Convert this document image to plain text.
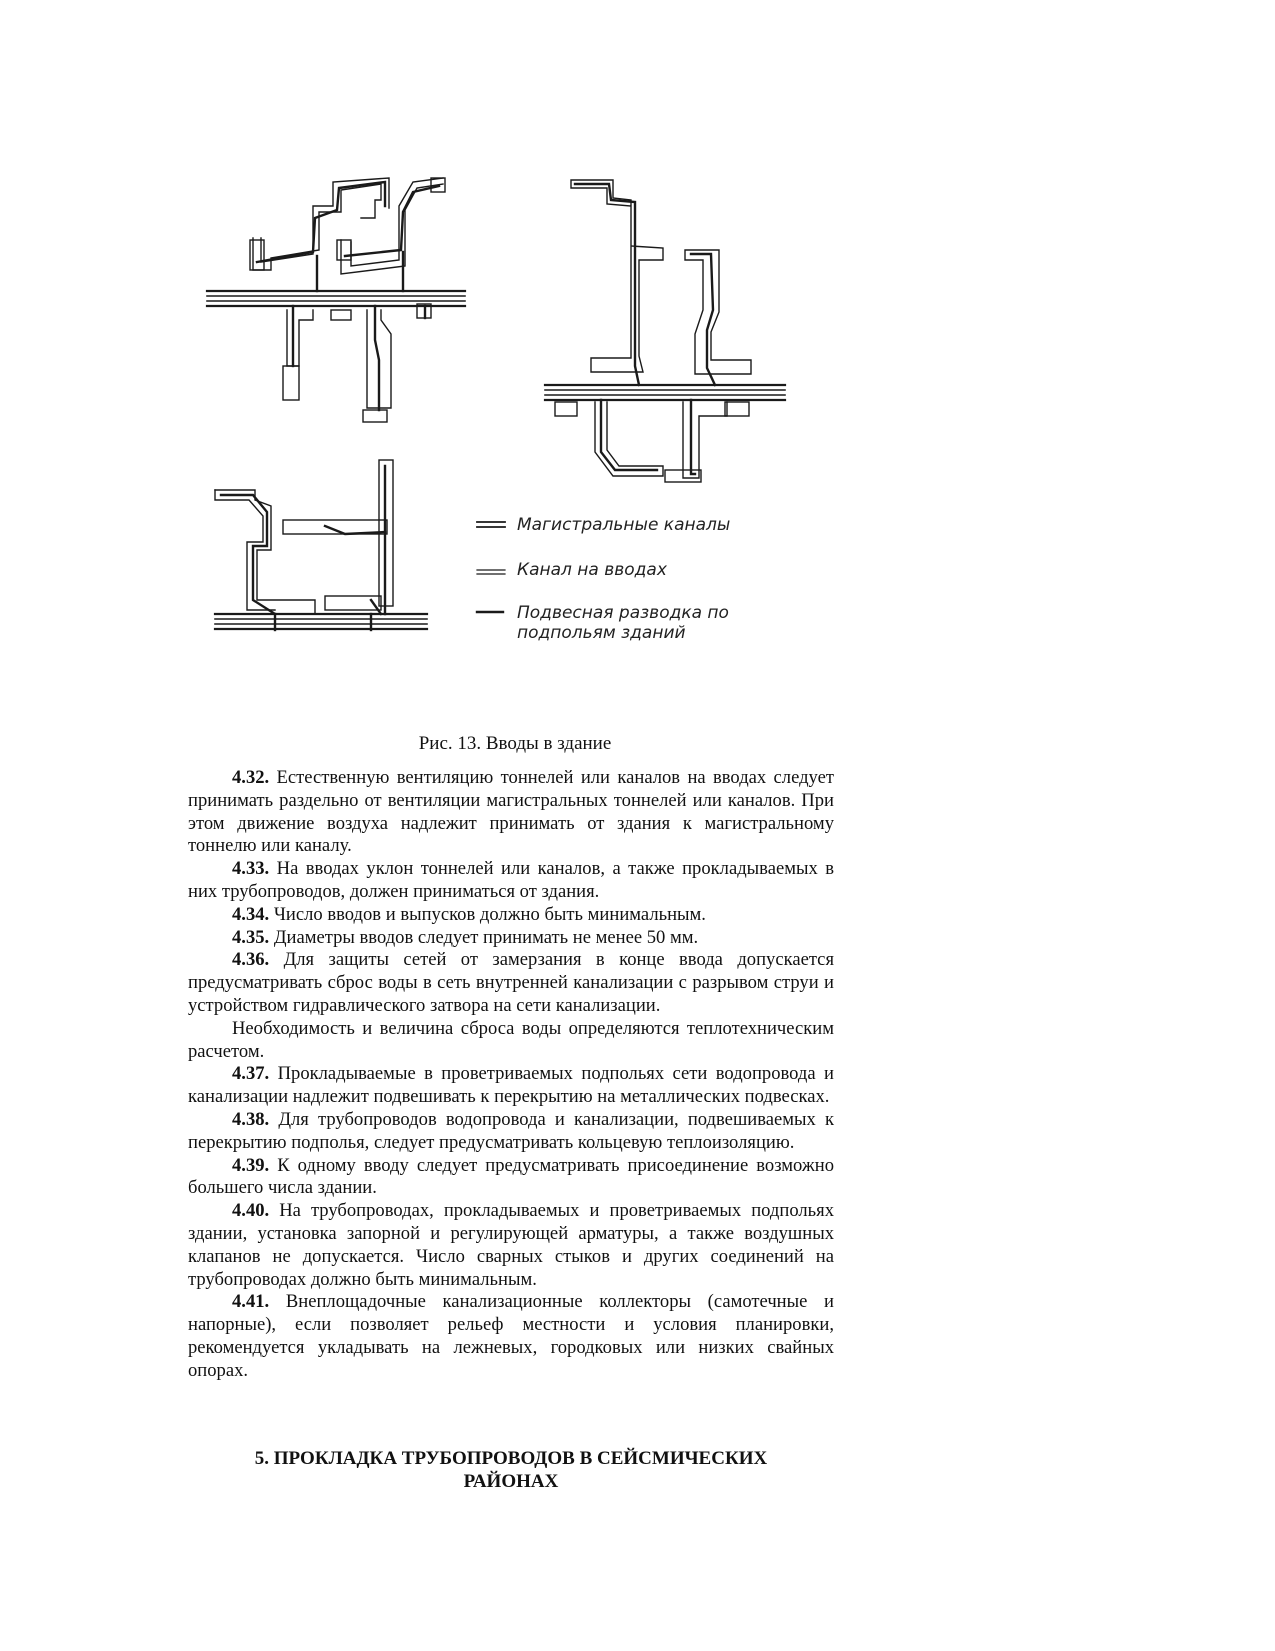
Магистральные каналы
Канал на вводах
Подвесная разводка по
подпольям зданий
Рис. 13. Вводы в здание

4.32. Естественную вентиляцию тоннелей или каналов на вводах следует принимать раздельно от вентиляции магистральных тоннелей или каналов. При этом движение воздуха надлежит принимать от здания к магистральному тоннелю или каналу.

4.33. На вводах уклон тоннелей или каналов, а также прокладываемых в них трубопроводов, должен приниматься от здания.

4.34. Число вводов и выпусков должно быть минимальным.

4.35. Диаметры вводов следует принимать не менее 50 мм.

4.36. Для защиты сетей от замерзания в конце ввода допускается предусматривать сброс воды в сеть внутренней канализации с разрывом струи и устройством гидравлического затвора на сети канализации.

Необходимость и величина сброса воды определяются теплотехническим расчетом.

4.37. Прокладываемые в проветриваемых подпольях сети водопровода и канализации надлежит подвешивать к перекрытию на металлических подвесках.

4.38. Для трубопроводов водопровода и канализации, подвешиваемых к перекрытию подполья, следует предусматривать кольцевую теплоизоляцию.

4.39. К одному вводу следует предусматривать присоединение возможно большего числа здании.

4.40. На трубопроводах, прокладываемых и проветриваемых подпольях здании, установка запорной и регулирующей арматуры, а также воздушных клапанов не допускается. Число сварных стыков и других соединений на трубопроводах должно быть минимальным.

4.41. Внеплощадочные канализационные коллекторы (самотечные и напорные), если позволяет рельеф местности и условия планировки, рекомендуется укладывать на лежневых, городковых или низких свайных опорах.

5. ПРОКЛАДКА ТРУБОПРОВОДОВ В СЕЙСМИЧЕСКИХ
РАЙОНАХ
